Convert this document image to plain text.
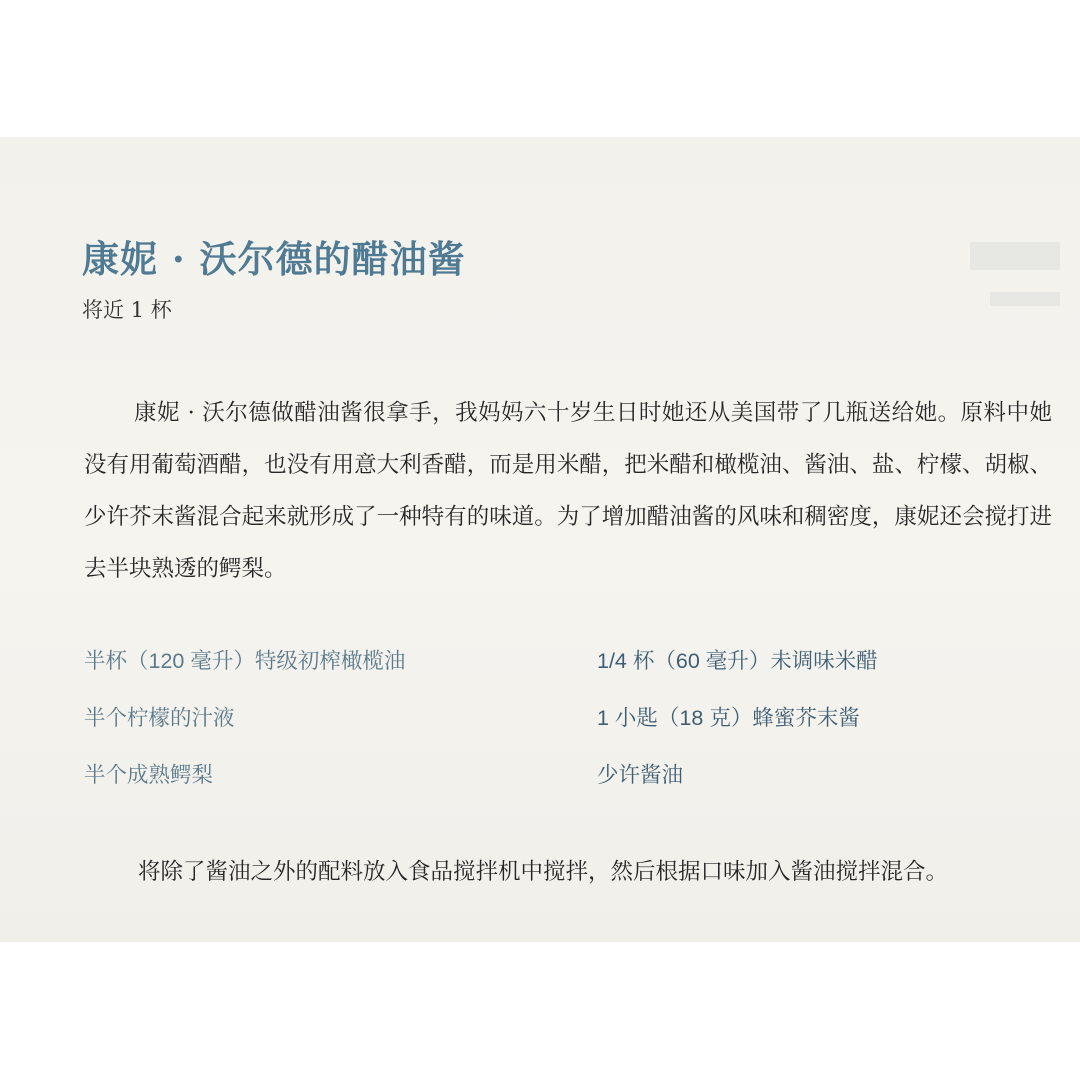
康妮 · 沃尔德的醋油酱
将近 1 杯

康妮 · 沃尔德做醋油酱很拿手，我妈妈六十岁生日时她还从美国带了几瓶送给她。原料中她没有用葡萄酒醋，也没有用意大利香醋，而是用米醋，把米醋和橄榄油、酱油、盐、柠檬、胡椒、少许芥末酱混合起来就形成了一种特有的味道。为了增加醋油酱的风味和稠密度，康妮还会搅打进去半块熟透的鳄梨。

半杯（120 毫升）特级初榨橄榄油
半个柠檬的汁液
半个成熟鳄梨
1/4 杯（60 毫升）未调味米醋
1 小匙（18 克）蜂蜜芥末酱
少许酱油

将除了酱油之外的配料放入食品搅拌机中搅拌，然后根据口味加入酱油搅拌混合。
